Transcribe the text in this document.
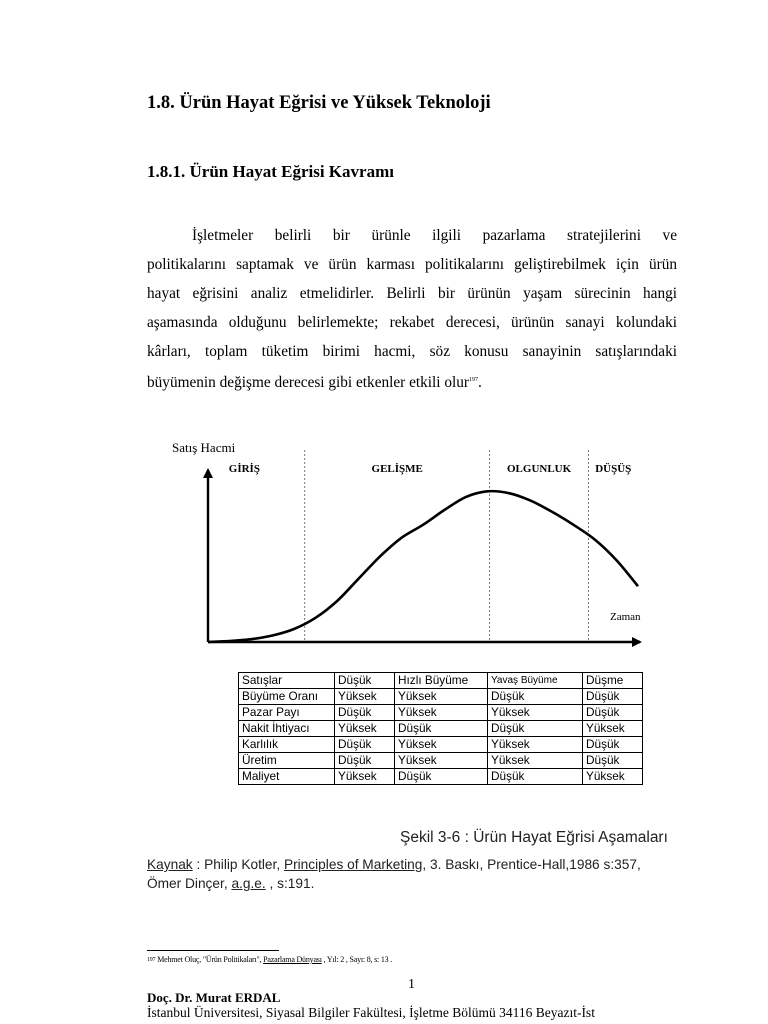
1.8. Ürün Hayat Eğrisi ve Yüksek Teknoloji
1.8.1. Ürün Hayat Eğrisi Kavramı
İşletmeler belirli bir ürünle ilgili pazarlama stratejilerini ve
politikalarını saptamak ve ürün karması politikalarını geliştirebilmek için ürün
hayat eğrisini analiz etmelidirler. Belirli bir ürünün yaşam sürecinin hangi
aşamasında olduğunu belirlemekte; rekabet derecesi, ürünün sanayi kolundaki
kârları, toplam tüketim birimi hacmi, söz konusu sanayinin satışlarındaki
büyümenin değişme derecesi gibi etkenler etkili olur$^{197}$.
Satış Hacmi
Zaman
GİRİŞ	GELİŞME	OLGUNLUK DÜŞÜŞ
Satışlar	Düşük	Hızlı Büyüme	Yavaş Büyüme	Düşme
Büyüme Oranı	Yüksek	Yüksek	Düşük	Düşük
Pazar Payı	Düşük	Yüksek	Yüksek	Düşük
Nakit İhtiyacı	Yüksek	Düşük	Düşük	Yüksek
Karlılık	Düşük	Yüksek	Yüksek	Düşük
Üretim	Düşük	Yüksek	Yüksek	Düşük
Maliyet	Yüksek	Düşük	Düşük	Yüksek
Şekil 3-6 : Ürün Hayat Eğrisi Aşamaları
Kaynak : Philip Kotler, Principles of Marketing, 3. Baskı, Prentice-Hall,1986 s:357, Ömer Dinçer, a.g.e. , s:191.
197 Mehmet Oluç, "Ürün Politikaları", Pazarlama Dünyası , Yıl: 2 , Sayı: 8, s: 13 .
1
Doç. Dr. Murat ERDAL
İstanbul Üniversitesi, Siyasal Bilgiler Fakültesi, İşletme Bölümü 34116 Beyazıt-İst
